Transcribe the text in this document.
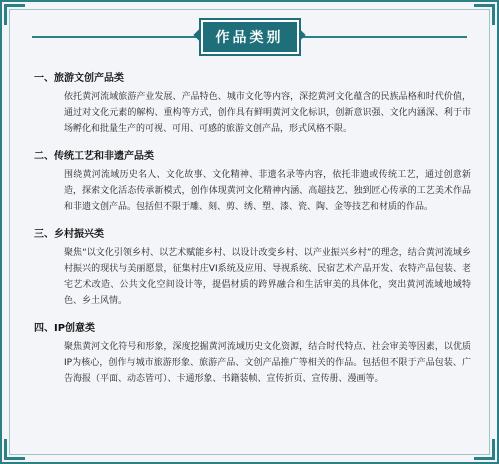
作品类别

一、旅游文创产品类

依托黄河流域旅游产业发展、产品特色、城市文化等内容，深挖黄河文化蕴含的民族品格和时代价值，通过对文化元素的解构、重构等方式，创作具有鲜明黄河文化标识，创新意识强、文化内涵深、利于市场孵化和批量生产的可视、可用、可感的旅游文创产品，形式风格不限。

二、传统工艺和非遗产品类

围绕黄河流域历史名人、文化故事、文化精神、非遗名录等内容，依托非遗或传统工艺，通过创意新造，探索文化活态传承新模式，创作体现黄河文化精神内涵、高超技艺、独到匠心传承的工艺美术作品和非遗文创产品。包括但不限于雕、刻、剪、绣、塑、漆、瓷、陶、金等技艺和材质的作品。

三、乡村振兴类

聚焦“以文化引领乡村、以艺术赋能乡村、以设计改变乡村、以产业振兴乡村”的理念，结合黄河流域乡村振兴的现状与美丽愿景，征集村庄VI系统及应用、导视系统、民宿艺术产品开发、农特产品包装、老宅艺术改造、公共文化空间设计等，提倡材质的跨界融合和生活审美的具体化，突出黄河流域地域特色、乡土风情。

四、IP创意类

聚焦黄河文化符号和形象，深度挖掘黄河流域历史文化资源，结合时代特点、社会审美等因素，以优质IP为核心，创作与城市旅游形象、旅游产品、文创产品推广等相关的作品。包括但不限于产品包装、广告海报（平面、动态皆可）、卡通形象、书籍装帧、宣传折页、宣传册、漫画等。
